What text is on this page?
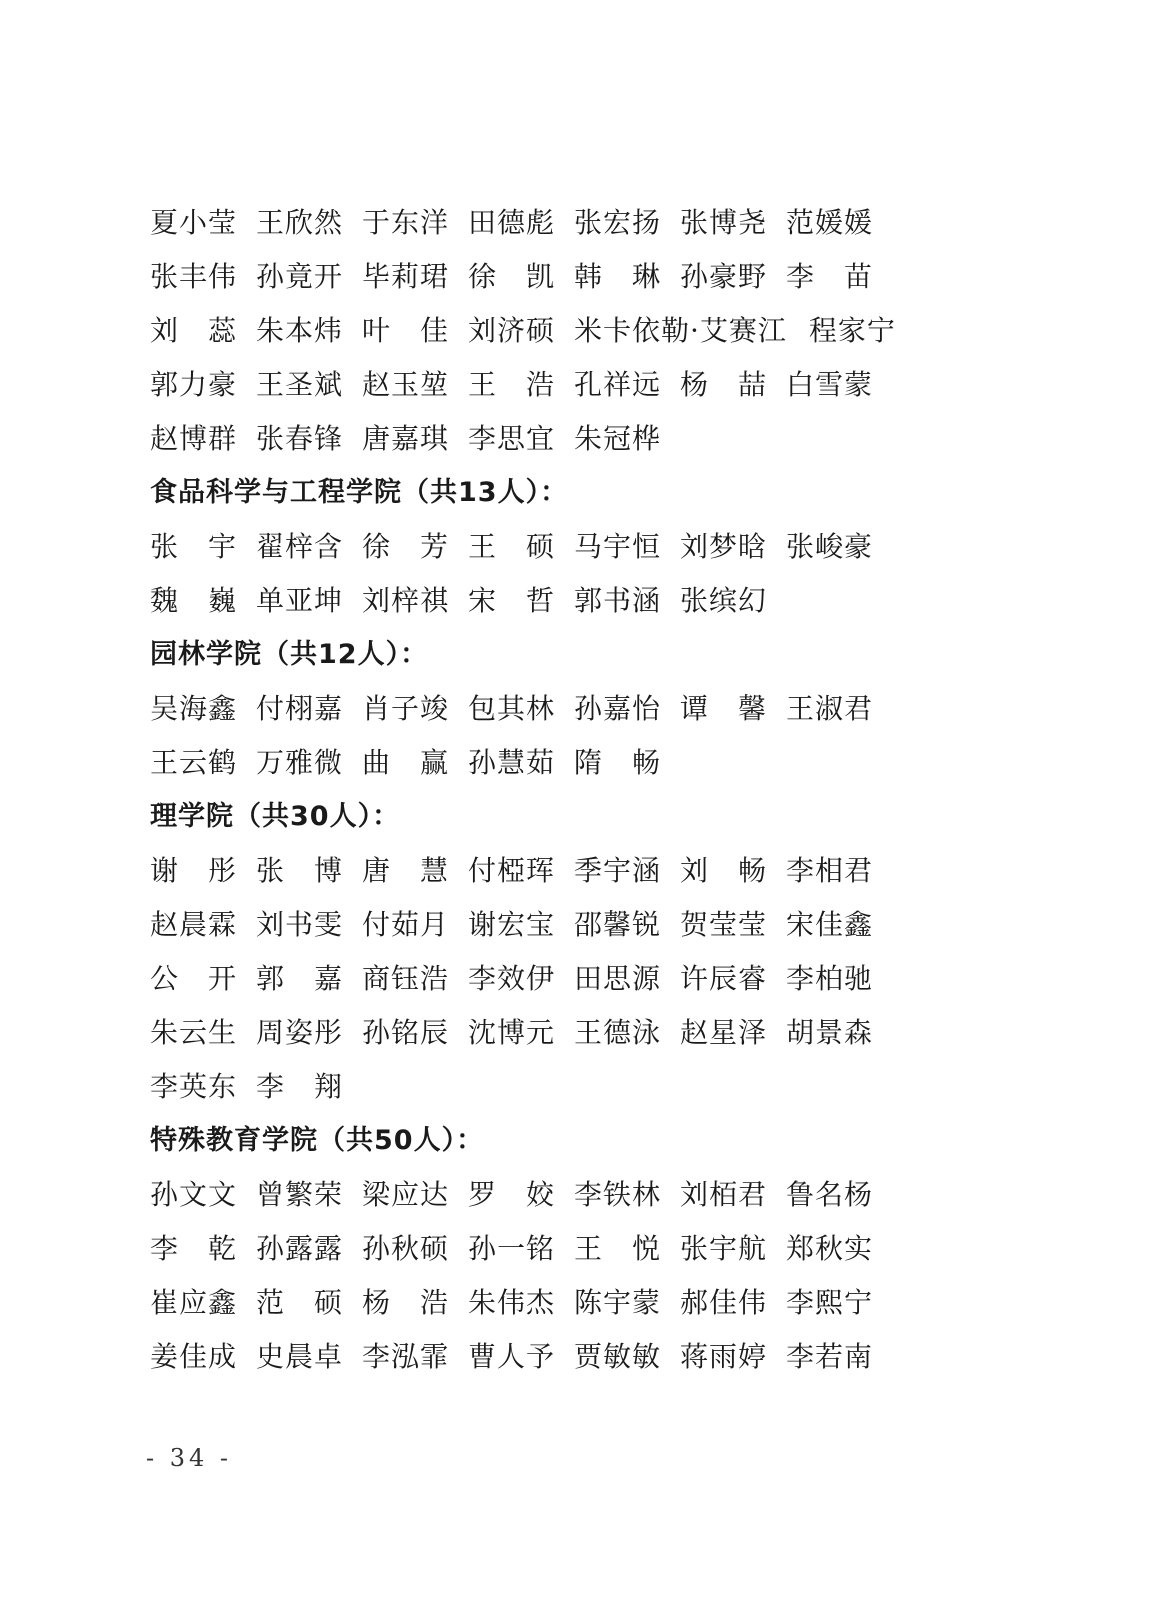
夏 小 莹 王 欣 然 于 东 洋 田 德 彪 张 宏 扬 张 博 尧 范 媛 媛
张 丰 伟 孙 竟 开 毕 莉 珺 徐 凯 韩 琳 孙 豪 野 李 苗
刘 蕊 朱 本 炜 叶 佳 刘 济 硕 米卡依勒·艾赛江 程 家 宁
郭 力 豪 王 圣 斌 赵 玉 堃 王 浩 孔 祥 远 杨 喆 白 雪 蒙
赵 博 群 张 春 锋 唐 嘉 琪 李 思 宜 朱 冠 桦
食品科学与工程学院（共13人）：
张 宇 翟 梓 含 徐 芳 王 硕 马 宇 恒 刘 梦 晗 张 峻 豪
魏 巍 单 亚 坤 刘 梓 祺 宋 哲 郭 书 涵 张 缤 幻
园林学院（共12人）：
吴 海 鑫 付 栩 嘉 肖 子 竣 包 其 林 孙 嘉 怡 谭 馨 王 淑 君
王 云 鹤 万 雅 微 曲 赢 孙 慧 茹 隋 畅
理学院（共30人）：
谢 彤 张 博 唐 慧 付 椏 珲 季 宇 涵 刘 畅 李 相 君
赵 晨 霖 刘 书 雯 付 茹 月 谢 宏 宝 邵 馨 锐 贺 莹 莹 宋 佳 鑫
公 开 郭 嘉 商 钰 浩 李 效 伊 田 思 源 许 辰 睿 李 柏 驰
朱 云 生 周 姿 彤 孙 铭 辰 沈 博 元 王 德 泳 赵 星 泽 胡 景 森
李 英 东 李 翔
特殊教育学院（共50人）：
孙 文 文 曾 繁 荣 梁 应 达 罗 姣 李 铁 林 刘 栢 君 鲁 名 杨
李 乾 孙 露 露 孙 秋 硕 孙 一 铭 王 悦 张 宇 航 郑 秋 实
崔 应 鑫 范 硕 杨 浩 朱 伟 杰 陈 宇 蒙 郝 佳 伟 李 熙 宁
姜 佳 成 史 晨 卓 李 泓 霏 曹 人 予 贾 敏 敏 蒋 雨 婷 李 若 南
- 34 -
